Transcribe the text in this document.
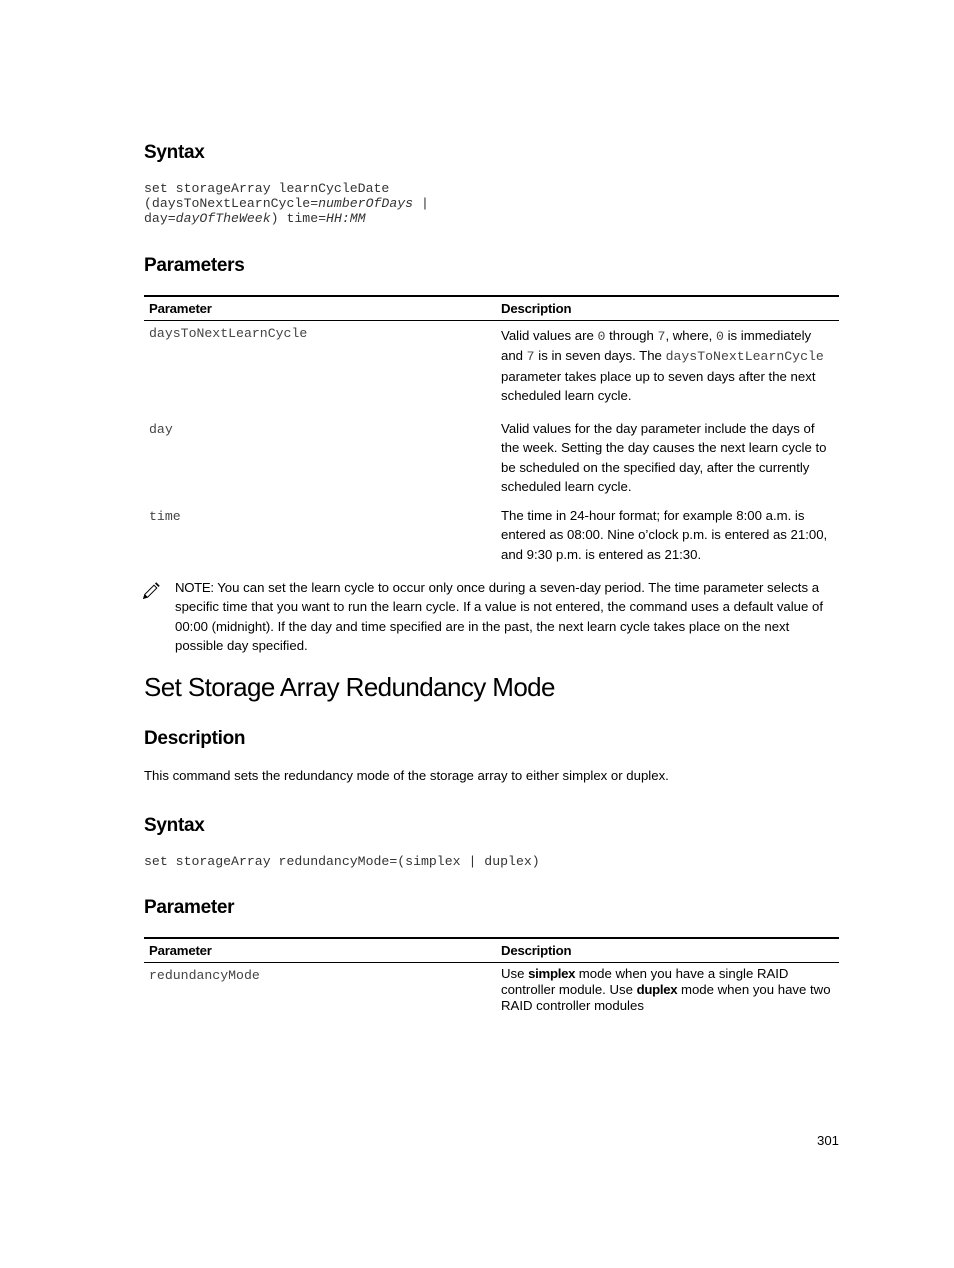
Syntax
set storageArray learnCycleDate
(daysToNextLearnCycle=numberOfDays |
day=dayOfTheWeek) time=HH:MM
Parameters
Parameter	Description
daysToNextLearnCycle	Valid values are 0 through 7, where, 0 is immediately and 7 is in seven days. The daysToNextLearnCycle parameter takes place up to seven days after the next scheduled learn cycle.
day	Valid values for the day parameter include the days of the week. Setting the day causes the next learn cycle to be scheduled on the specified day, after the currently scheduled learn cycle.
time	The time in 24-hour format; for example 8:00 a.m. is entered as 08:00. Nine o’clock p.m. is entered as 21:00, and 9:30 p.m. is entered as 21:30.
NOTE: You can set the learn cycle to occur only once during a seven-day period. The time parameter selects a specific time that you want to run the learn cycle. If a value is not entered, the command uses a default value of 00:00 (midnight). If the day and time specified are in the past, the next learn cycle takes place on the next possible day specified.
Set Storage Array Redundancy Mode
Description
This command sets the redundancy mode of the storage array to either simplex or duplex.
Syntax
set storageArray redundancyMode=(simplex | duplex)
Parameter
Parameter	Description
redundancyMode	Use simplex mode when you have a single RAID controller module. Use duplex mode when you have two RAID controller modules
301
